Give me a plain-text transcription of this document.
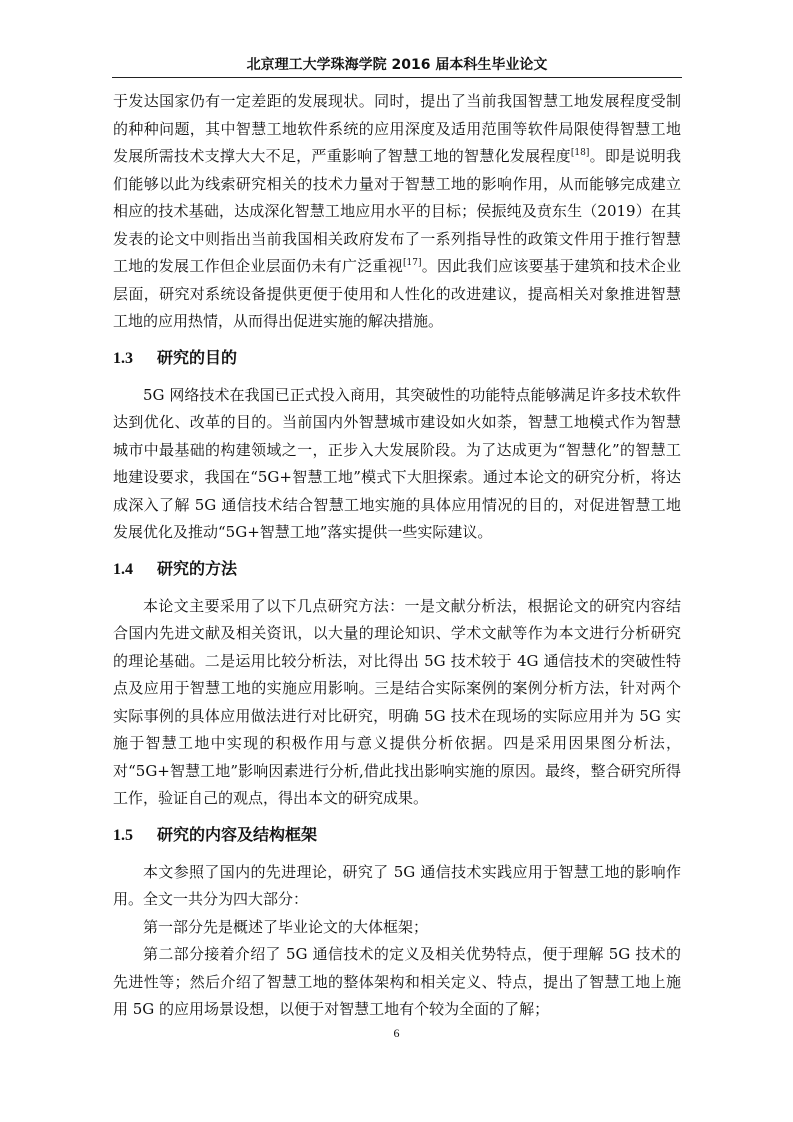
北京理工大学珠海学院 2016 届本科生毕业论文

于发达国家仍有一定差距的发展现状。同时，提出了当前我国智慧工地发展程度受制的种种问题，其中智慧工地软件系统的应用深度及适用范围等软件局限使得智慧工地发展所需技术支撑大大不足，严重影响了智慧工地的智慧化发展程度[18]。即是说明我们能够以此为线索研究相关的技术力量对于智慧工地的影响作用，从而能够完成建立相应的技术基础，达成深化智慧工地应用水平的目标；侯振纯及贲东生（2019）在其发表的论文中则指出当前我国相关政府发布了一系列指导性的政策文件用于推行智慧工地的发展工作但企业层面仍未有广泛重视[17]。因此我们应该要基于建筑和技术企业层面，研究对系统设备提供更便于使用和人性化的改进建议，提高相关对象推进智慧工地的应用热情，从而得出促进实施的解决措施。

1.3 研究的目的

5G 网络技术在我国已正式投入商用，其突破性的功能特点能够满足许多技术软件达到优化、改革的目的。当前国内外智慧城市建设如火如荼，智慧工地模式作为智慧城市中最基础的构建领域之一，正步入大发展阶段。为了达成更为“智慧化”的智慧工地建设要求，我国在“5G+智慧工地”模式下大胆探索。通过本论文的研究分析，将达成深入了解 5G 通信技术结合智慧工地实施的具体应用情况的目的，对促进智慧工地发展优化及推动“5G+智慧工地”落实提供一些实际建议。

1.4 研究的方法

本论文主要采用了以下几点研究方法：一是文献分析法，根据论文的研究内容结合国内先进文献及相关资讯，以大量的理论知识、学术文献等作为本文进行分析研究的理论基础。二是运用比较分析法，对比得出 5G 技术较于 4G 通信技术的突破性特点及应用于智慧工地的实施应用影响。三是结合实际案例的案例分析方法，针对两个实际事例的具体应用做法进行对比研究，明确 5G 技术在现场的实际应用并为 5G 实施于智慧工地中实现的积极作用与意义提供分析依据。四是采用因果图分析法，对“5G+智慧工地”影响因素进行分析,借此找出影响实施的原因。最终，整合研究所得工作，验证自己的观点，得出本文的研究成果。

1.5 研究的内容及结构框架

本文参照了国内的先进理论，研究了 5G 通信技术实践应用于智慧工地的影响作用。全文一共分为四大部分：

第一部分先是概述了毕业论文的大体框架；

第二部分接着介绍了 5G 通信技术的定义及相关优势特点，便于理解 5G 技术的先进性等；然后介绍了智慧工地的整体架构和相关定义、特点，提出了智慧工地上施用 5G 的应用场景设想，以便于对智慧工地有个较为全面的了解；

6
